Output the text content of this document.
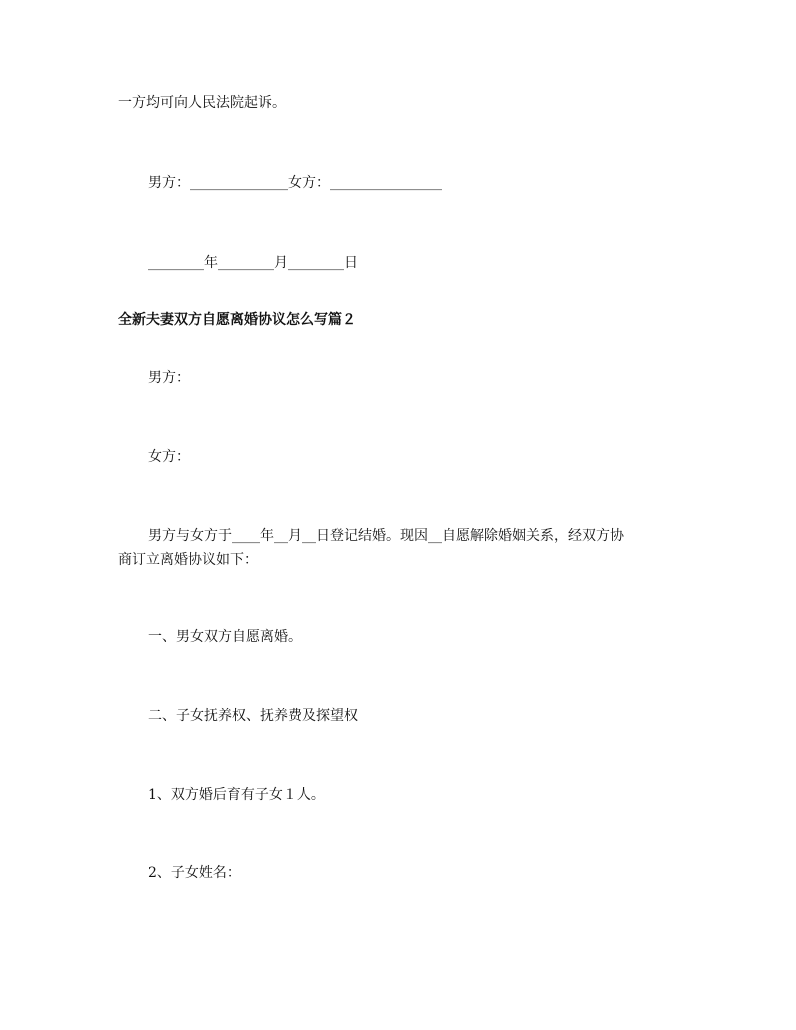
一方均可向人民法院起诉。

男方：______________女方：________________

________年________月________日

全新夫妻双方自愿离婚协议怎么写篇２

男方：

女方：

男方与女方于____年__月__日登记结婚。现因__自愿解除婚姻关系，经双方协

商订立离婚协议如下：

一、男女双方自愿离婚。

二、子女抚养权、抚养费及探望权

1、双方婚后育有子女１人。

2、子女姓名：
